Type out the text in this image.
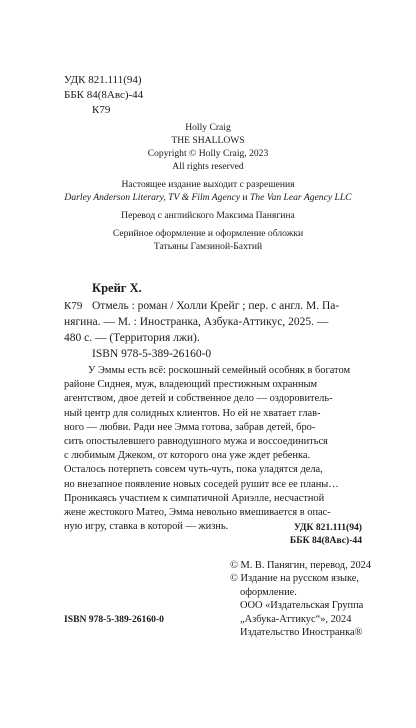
УДК 821.111(94)
ББК 84(8Авс)-44
К79
Holly Craig
THE SHALLOWS
Copyright © Holly Craig, 2023
All rights reserved
Настоящее издание выходит с разрешения
Darley Anderson Literary, TV & Film Agency и The Van Lear Agency LLC
Перевод с английского Максима Панягина
Серийное оформление и оформление обложки
Татьяны Гамзиной-Бахтий
Крейг Х.
К79 Отмель : роман / Холли Крейг ; пер. с англ. М. Па-
нягина. — М. : Иностранка, Азбука-Аттикус, 2025. —
480 с. — (Территория лжи).
ISBN 978-5-389-26160-0

У Эммы есть всё: роскошный семейный особняк в богатом

районе Сиднея, муж, владеющий престижным охранным

агентством, двое детей и собственное дело — оздоровитель-

ный центр для солидных клиентов. Но ей не хватает глав-

ного — любви. Ради нее Эмма готова, забрав детей, бро-

сить опостылевшего равнодушного мужа и воссоединиться

с любимым Джеком, от которого она уже ждет ребенка.

Осталось потерпеть совсем чуть-чуть, пока уладятся дела,

но внезапное появление новых соседей рушит все ее планы…

Проникаясь участием к симпатичной Ариэлле, несчастной

жене жестокого Матео, Эмма невольно вмешивается в опас-

ную игру, ставка в которой — жизнь.	УДК 821.111(94)
ББК 84(8Авс)-44
© М. В. Панягин, перевод, 2024
© Издание на русском языке,
оформление.
ООО «Издательская Группа
„Азбука-Аттикус“», 2024
Издательство Иностранка®
ISBN 978-5-389-26160-0
